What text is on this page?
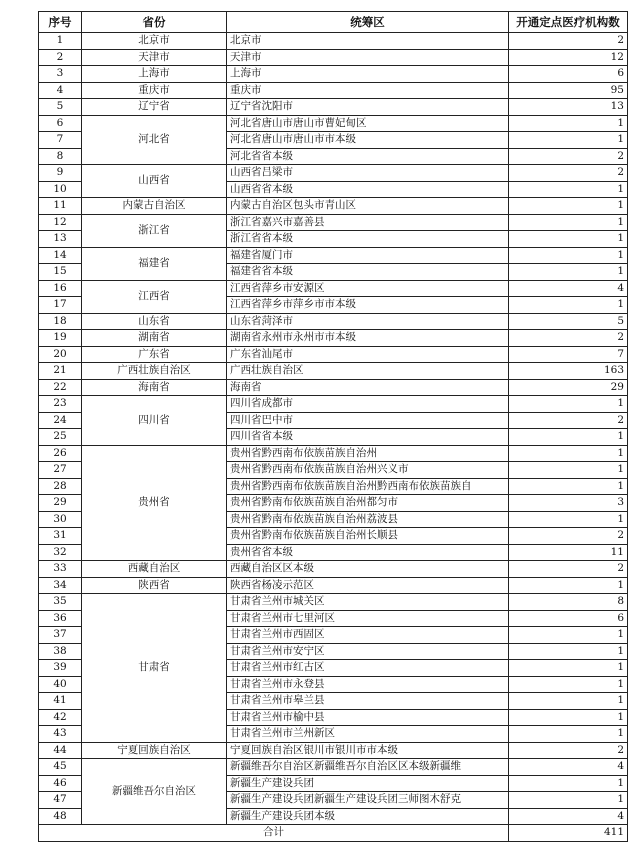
序号	省份	统筹区	开通定点医疗机构数
1	北京市	北京市	2
2	天津市	天津市	12
3	上海市	上海市	6
4	重庆市	重庆市	95
5	辽宁省	辽宁省沈阳市	13
6	河北省	河北省唐山市唐山市曹妃甸区	1
7		河北省唐山市唐山市市本级	1
8		河北省省本级	2
9	山西省	山西省吕梁市	2
10		山西省省本级	1
11	内蒙古自治区	内蒙古自治区包头市青山区	1
12	浙江省	浙江省嘉兴市嘉善县	1
13		浙江省省本级	1
14	福建省	福建省厦门市	1
15		福建省省本级	1
16	江西省	江西省萍乡市安源区	4
17		江西省萍乡市萍乡市市本级	1
18	山东省	山东省菏泽市	5
19	湖南省	湖南省永州市永州市市本级	2
20	广东省	广东省汕尾市	7
21	广西壮族自治区	广西壮族自治区	163
22	海南省	海南省	29
23	四川省	四川省成都市	1
24		四川省巴中市	2
25		四川省省本级	1
26	贵州省	贵州省黔西南布依族苗族自治州	1
27		贵州省黔西南布依族苗族自治州兴义市	1
28		贵州省黔西南布依族苗族自治州黔西南布依族苗族自	1
29		贵州省黔南布依族苗族自治州都匀市	3
30		贵州省黔南布依族苗族自治州荔波县	1
31		贵州省黔南布依族苗族自治州长顺县	2
32		贵州省省本级	11
33	西藏自治区	西藏自治区区本级	2
34	陕西省	陕西省杨凌示范区	1
35	甘肃省	甘肃省兰州市城关区	8
36		甘肃省兰州市七里河区	6
37		甘肃省兰州市西固区	1
38		甘肃省兰州市安宁区	1
39		甘肃省兰州市红古区	1
40		甘肃省兰州市永登县	1
41		甘肃省兰州市皋兰县	1
42		甘肃省兰州市榆中县	1
43		甘肃省兰州市兰州新区	1
44	宁夏回族自治区	宁夏回族自治区银川市银川市市本级	2
45	新疆维吾尔自治区	新疆维吾尔自治区新疆维吾尔自治区区本级新疆维	4
46		新疆生产建设兵团	1
47		新疆生产建设兵团新疆生产建设兵团三师图木舒克	1
48		新疆生产建设兵团本级	4
合计			411
